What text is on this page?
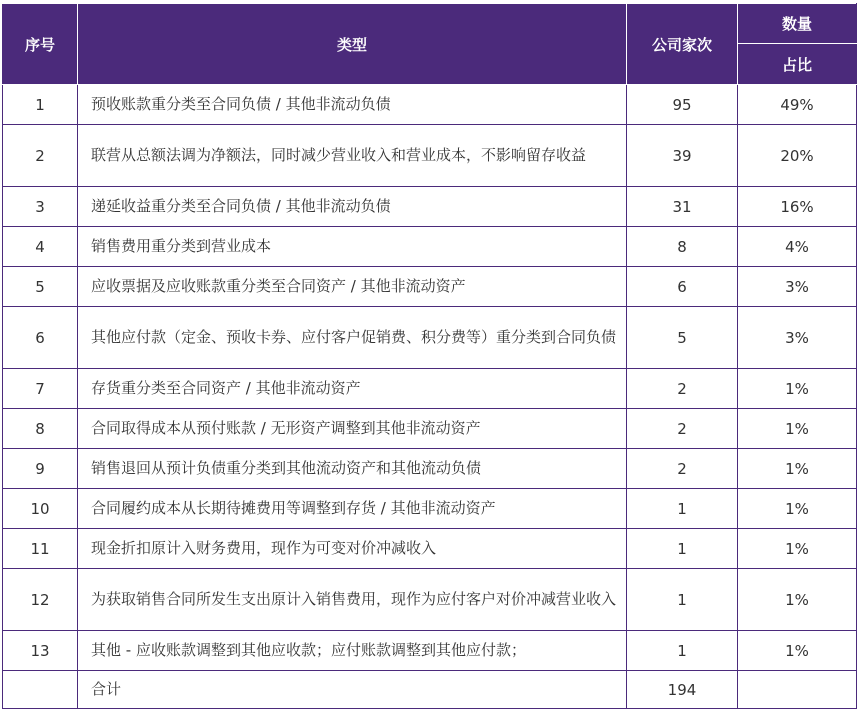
序号	类型	公司家次	数量
			占比
1	预收账款重分类至合同负债 / 其他非流动负债	95	49%
2	联营从总额法调为净额法，同时减少营业收入和营业成本，不影响留存收益	39	20%
3	递延收益重分类至合同负债 / 其他非流动负债	31	16%
4	销售费用重分类到营业成本	8	4%
5	应收票据及应收账款重分类至合同资产 / 其他非流动资产	6	3%
6	其他应付款（定金、预收卡券、应付客户促销费、积分费等）重分类到合同负债	5	3%
7	存货重分类至合同资产 / 其他非流动资产	2	1%
8	合同取得成本从预付账款 / 无形资产调整到其他非流动资产	2	1%
9	销售退回从预计负债重分类到其他流动资产和其他流动负债	2	1%
10	合同履约成本从长期待摊费用等调整到存货 / 其他非流动资产	1	1%
11	现金折扣原计入财务费用，现作为可变对价冲减收入	1	1%
12	为获取销售合同所发生支出原计入销售费用，现作为应付客户对价冲减营业收入	1	1%
13	其他 - 应收账款调整到其他应收款；应付账款调整到其他应付款；	1	1%
	合计	194	
